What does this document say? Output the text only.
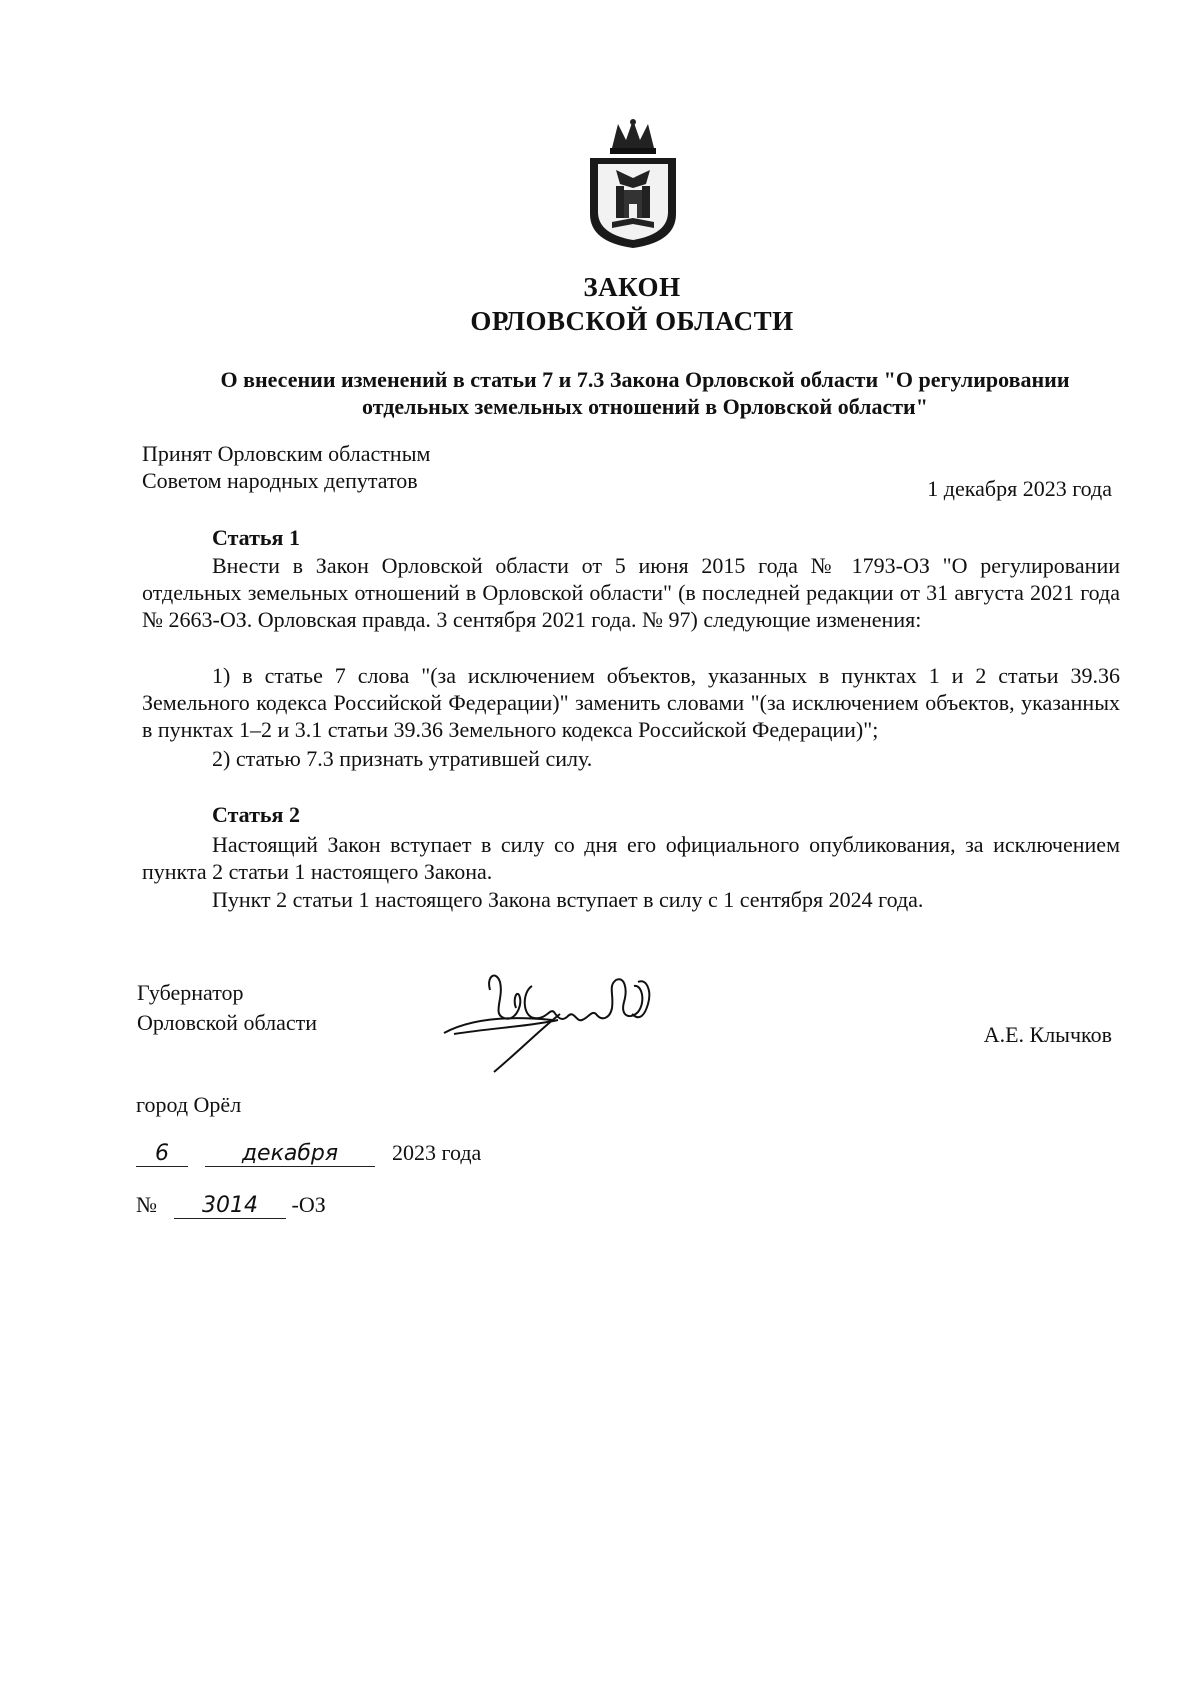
ЗАКОН
ОРЛОВСКОЙ ОБЛАСТИ
О внесении изменений в статьи 7 и 7.3 Закона Орловской области "О регулировании
отдельных земельных отношений в Орловской области"
Принят Орловским областным
Советом народных депутатов	1 декабря 2023 года
Статья 1
Внести в Закон Орловской области от 5 июня 2015 года № 1793-ОЗ "О регулировании отдельных земельных отношений в Орловской области" (в последней редакции от 31 августа 2021 года № 2663-ОЗ. Орловская правда. 3 сентября 2021 года. № 97) следующие изменения:
1) в статье 7 слова "(за исключением объектов, указанных в пунктах 1 и 2 статьи 39.36 Земельного кодекса Российской Федерации)" заменить словами "(за исключением объектов, указанных в пунктах 1–2 и 3.1 статьи 39.36 Земельного кодекса Российской Федерации)";
2) статью 7.3 признать утратившей силу.
Статья 2
Настоящий Закон вступает в силу со дня его официального опубликования, за исключением пункта 2 статьи 1 настоящего Закона.
Пункт 2 статьи 1 настоящего Закона вступает в силу с 1 сентября 2024 года.
Губернатор
Орловской области	А.Е. Клычков
город Орёл
6	декабря 2023 года
№ 3014 -ОЗ
